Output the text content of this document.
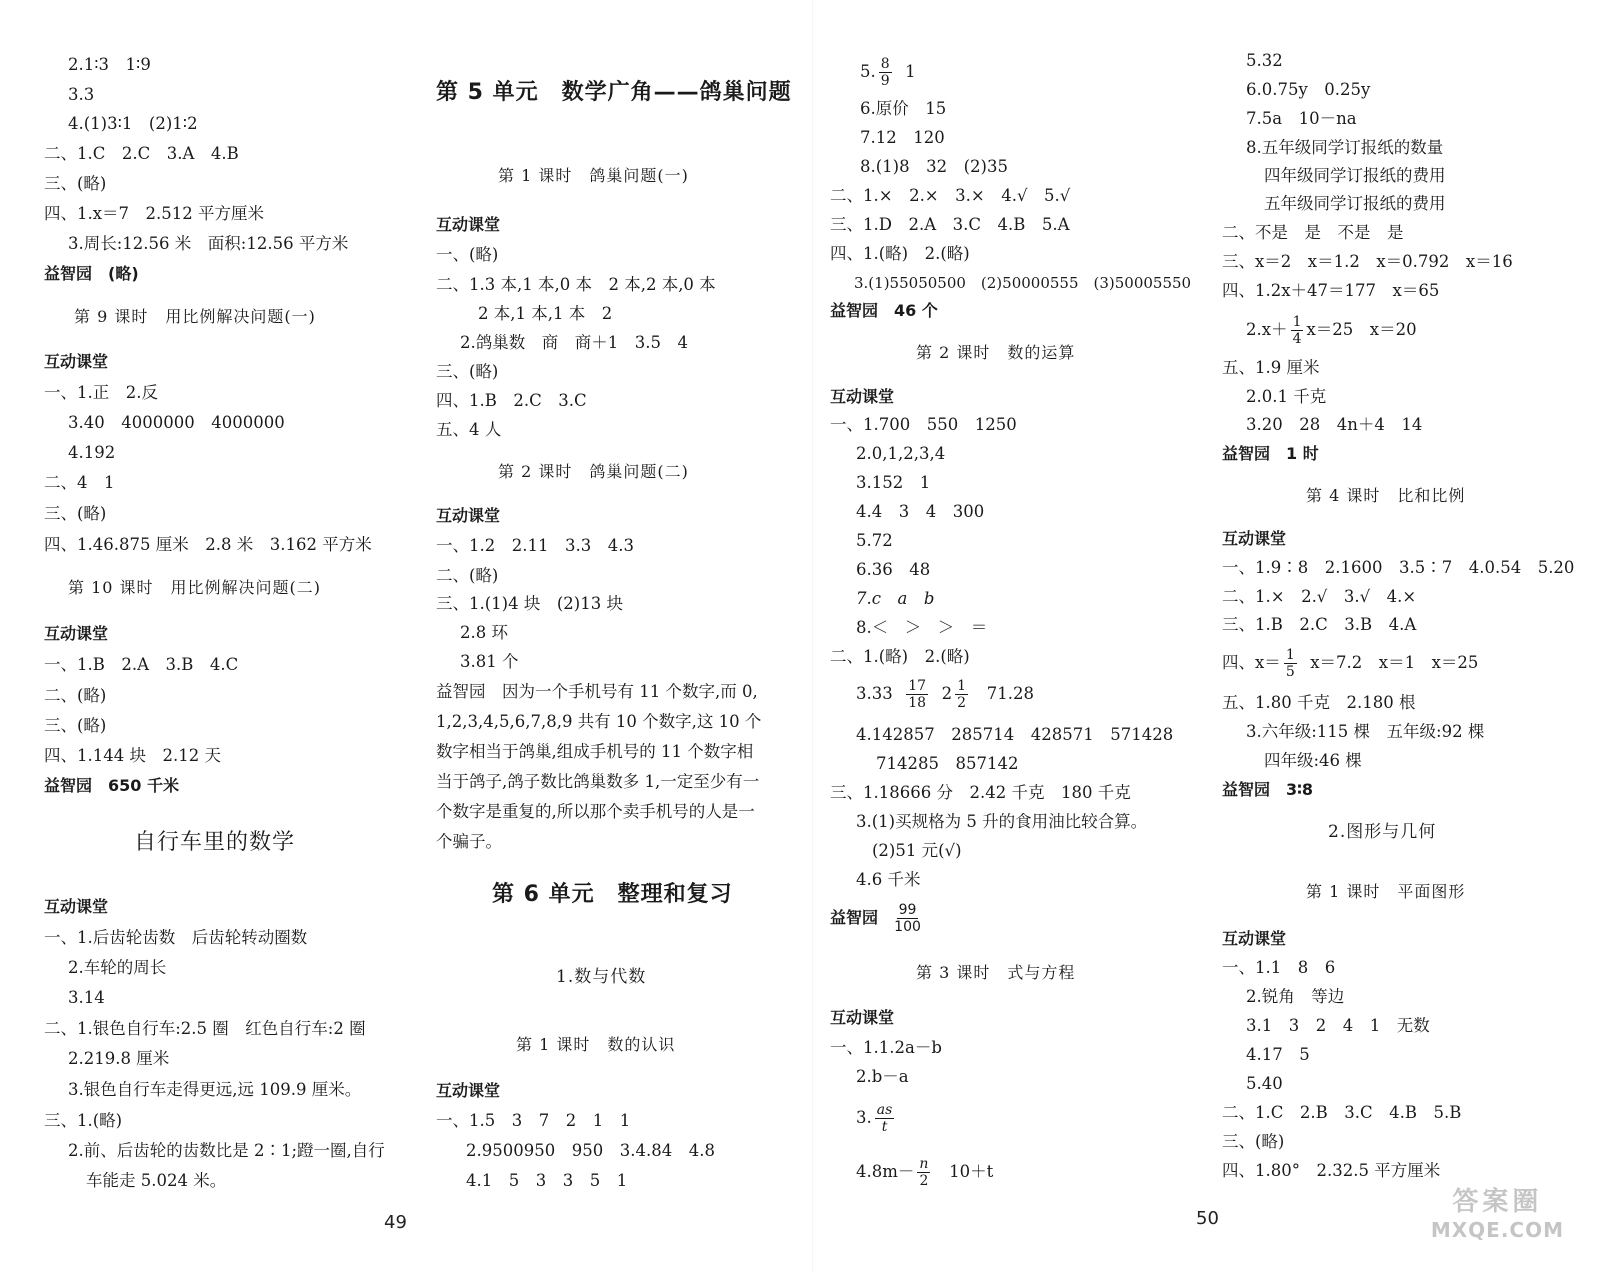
2.1∶3　1∶9
3.3
4.(1)3∶1　(2)1∶2
二、1.C　2.C　3.A　4.B
三、(略)
四、1.x＝7　2.512 平方厘米
3.周长:12.56 米　面积:12.56 平方米
益智园　(略)
第 9 课时　用比例解决问题(一)
互动课堂
一、1.正　2.反
3.40　4000000　4000000
4.192
二、4　1
三、(略)
四、1.46.875 厘米　2.8 米　3.162 平方米
第 10 课时　用比例解决问题(二)
互动课堂
一、1.B　2.A　3.B　4.C
二、(略)
三、(略)
四、1.144 块　2.12 天
益智园　650 千米
自行车里的数学
互动课堂
一、1.后齿轮齿数　后齿轮转动圈数
2.车轮的周长
3.14
二、1.银色自行车:2.5 圈　红色自行车:2 圈
2.219.8 厘米
3.银色自行车走得更远,远 109.9 厘米。
三、1.(略)
2.前、后齿轮的齿数比是 2∶1;蹬一圈,自行
车能走 5.024 米。
第 5 单元　数学广角——鸽巢问题
第 1 课时　鸽巢问题(一)
互动课堂
一、(略)
二、1.3 本,1 本,0 本　2 本,2 本,0 本
2 本,1 本,1 本　2
2.鸽巢数　商　商＋1　3.5　4
三、(略)
四、1.B　2.C　3.C
五、4 人
第 2 课时　鸽巢问题(二)
互动课堂
一、1.2　2.11　3.3　4.3
二、(略)
三、1.(1)4 块　(2)13 块
2.8 环
3.81 个
益智园　因为一个手机号有 11 个数字,而 0,
1,2,3,4,5,6,7,8,9 共有 10 个数字,这 10 个
数字相当于鸽巢,组成手机号的 11 个数字相
当于鸽子,鸽子数比鸽巢数多 1,一定至少有一
个数字是重复的,所以那个卖手机号的人是一
个骗子。
第 6 单元　整理和复习
1.数与代数
第 1 课时　数的认识
互动课堂
一、1.5　3　7　2　1　1
2.9500950　950　3.4.84　4.8
4.1　5　3　3　5　1
5. $\frac{8}{9} 1$
6.原价　15
7.12　120
8.(1)8　32　(2)35
二、1.×　2.×　3.×　4.√　5.√
三、1.D　2.A　3.C　4.B　5.A
四、1.(略)　2.(略)
3.(1)55050500　(2)50000555　(3)50005550
益智园　46 个
第 2 课时　数的运算
互动课堂
一、1.700　550　1250
2.0,1,2,3,4
3.152　1
4.4　3　4　300
5.72
6.36　48
7.c　a　b
8.＜　＞　＞　＝
二、1.(略)　2.(略)
$3.33 \frac{17}{18} 2 \frac{1}{2} 71.28$
4.142857　285714　428571　571428
714285　857142
三、1.18666 分　2.42 千克　180 千克
3.(1)买规格为 5 升的食用油比较合算。
(2)51 元(√)
4.6 千米
益智园 $\frac{99}{100}$
第 3 课时　式与方程
互动课堂
一、1.1.2a－b
2.b－a
3. $\frac{as}{t}$
$4.8m- \frac{n}{2} 10+t$
5.32
6.0.75y　0.25y
7.5a　10－na
8.五年级同学订报纸的数量
四年级同学订报纸的费用
五年级同学订报纸的费用
二、不是　是　不是　是
三、x＝2　x＝1.2　x＝0.792　x＝16
四、1.2x＋47＝177　x＝65
$2.x+ \frac{1}{4} x=25$　x＝20
五、1.9 厘米
2.0.1 千克
3.20　28　4n＋4　14
益智园　1 时
第 4 课时　比和比例
互动课堂
一、1.9∶8　2.1600　3.5∶7　4.0.54　5.20
二、1.×　2.√　3.√　4.×
三、1.B　2.C　3.B　4.A
四、$x= \frac{1}{5} x=7.2$　x＝1　x＝25
五、1.80 千克　2.180 根
3.六年级:115 棵　五年级:92 棵
四年级:46 棵
益智园　3∶8
2.图形与几何
第 1 课时　平面图形
互动课堂
一、1.1　8　6
2.锐角　等边
3.1　3　2　4　1　无数
4.17　5
5.40
二、1.C　2.B　3.C　4.B　5.B
三、(略)
四、1.80°　2.32.5 平方厘米
49	50
答案圈
MXQE.COM
